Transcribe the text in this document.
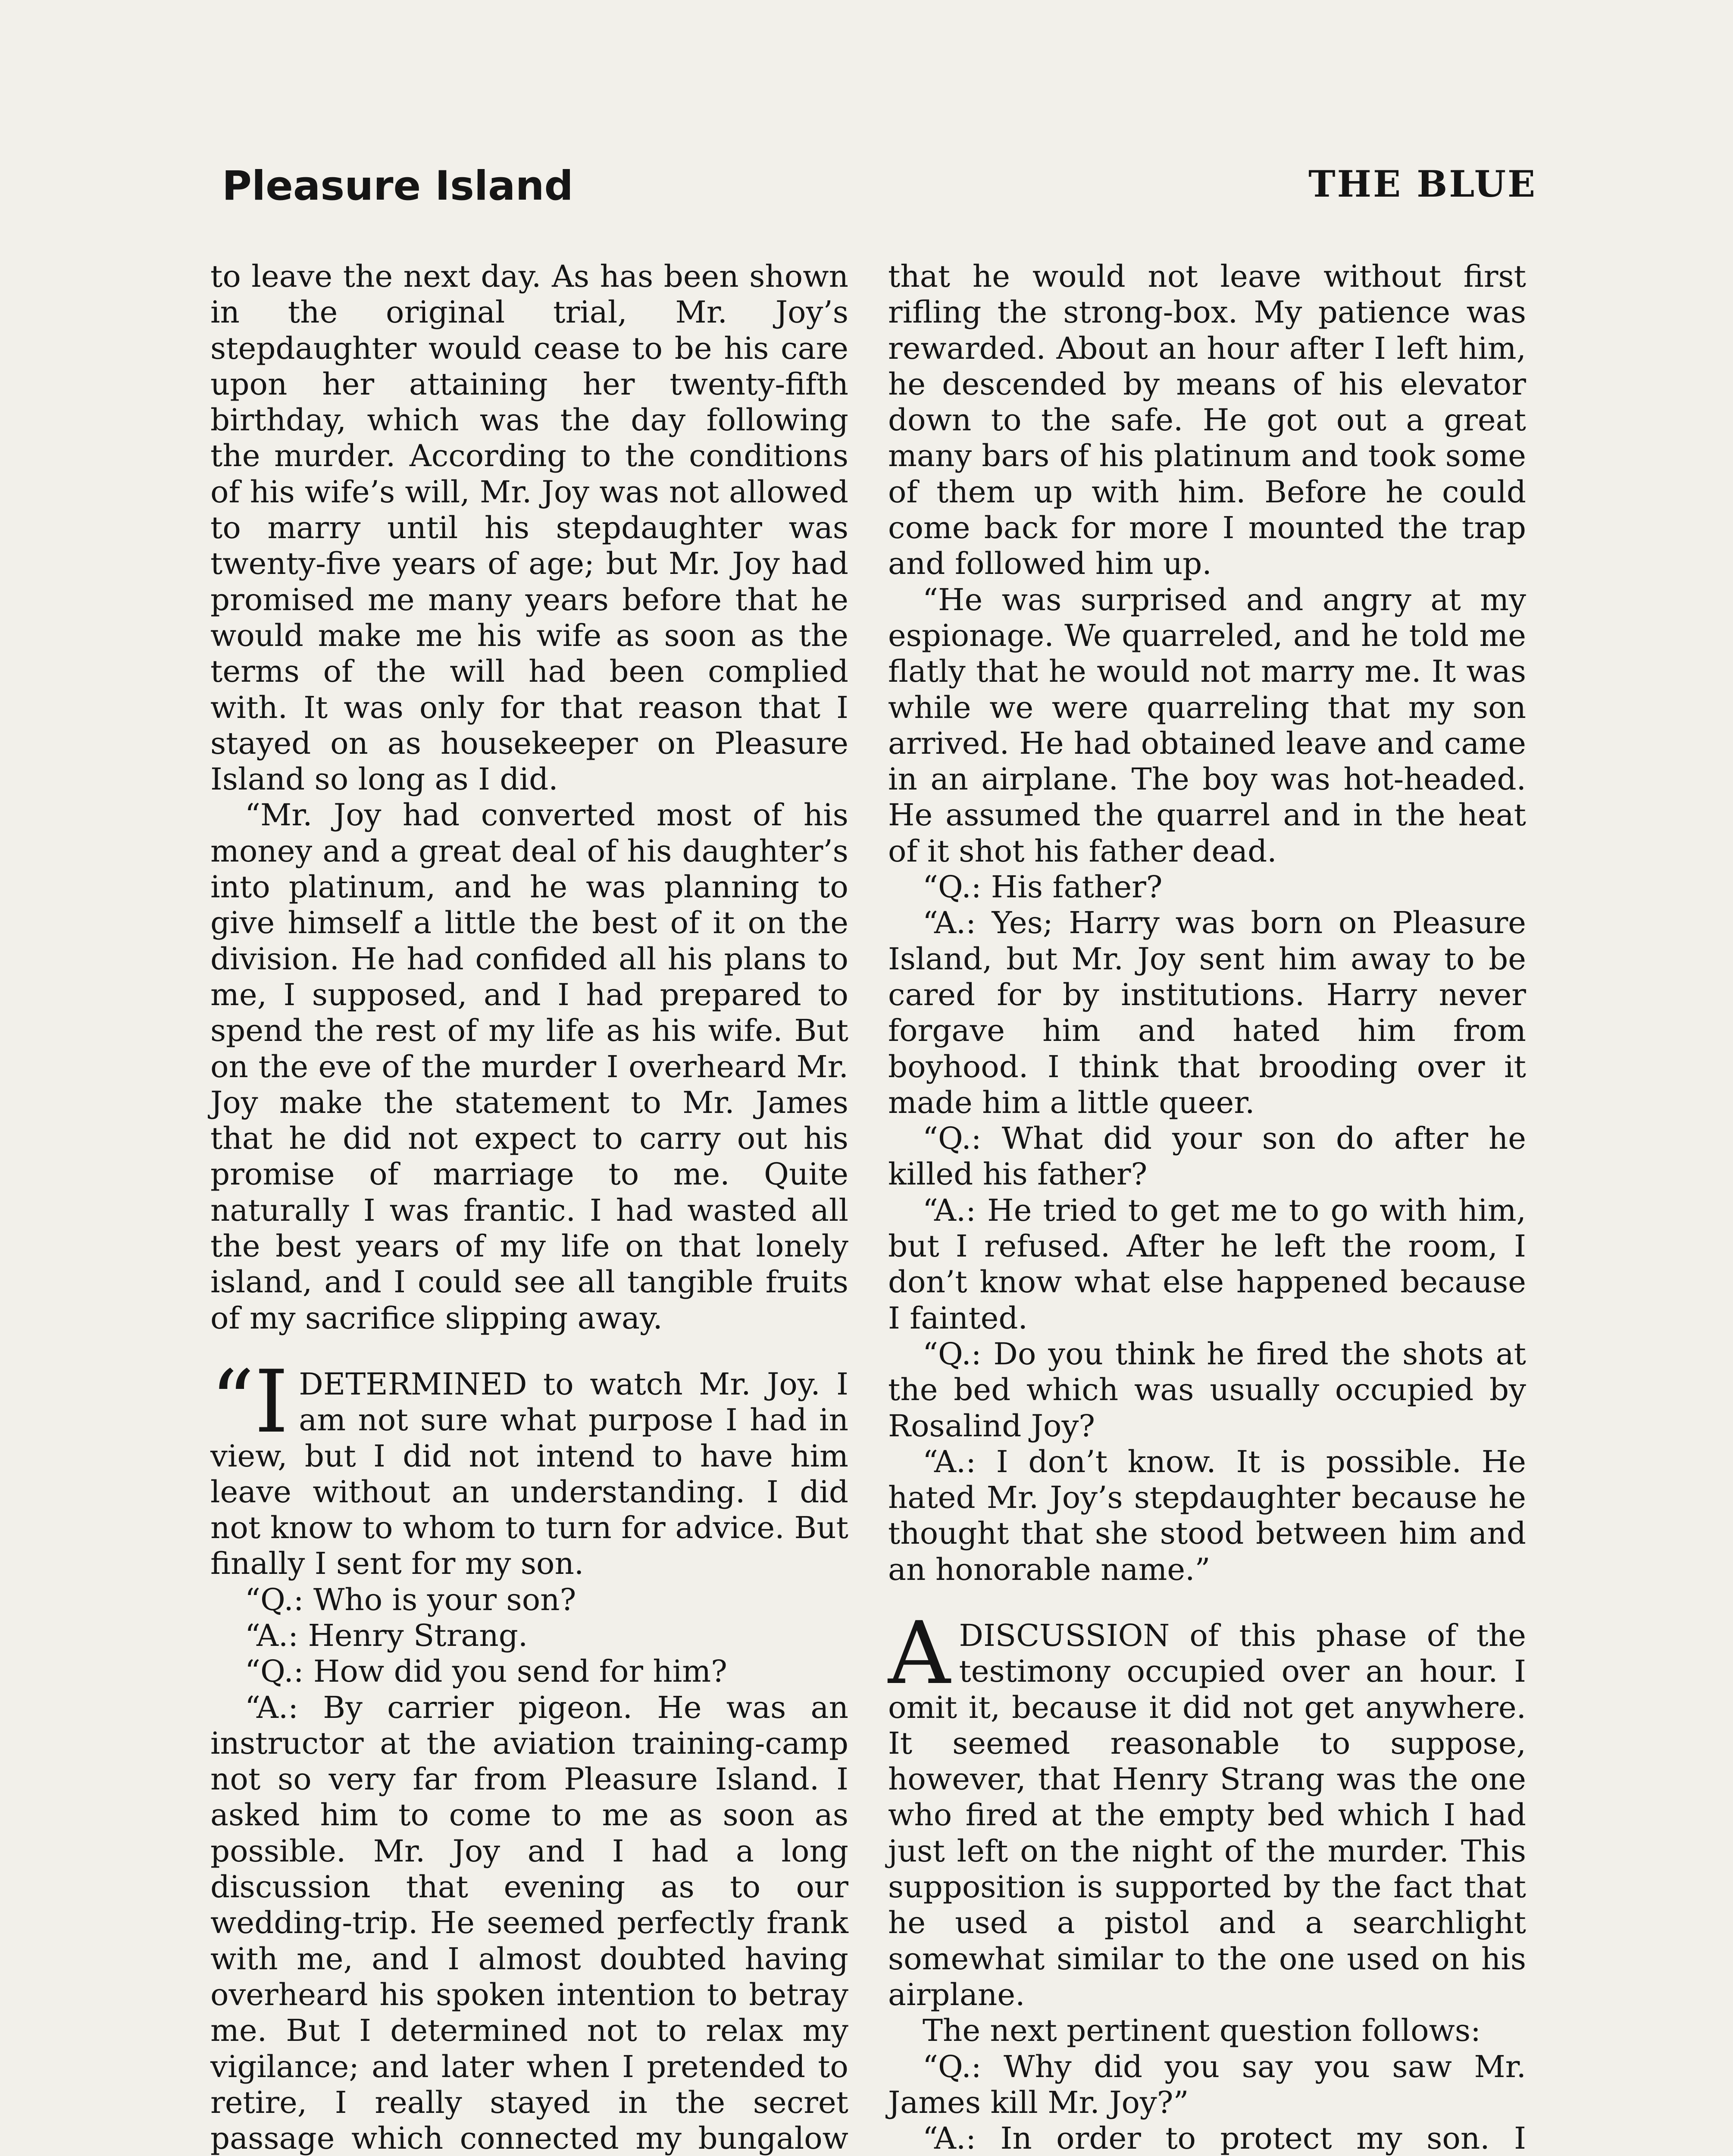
Pleasure Island	THE BLUE

to leave the next day. As has been shown in the original trial, Mr. Joy’s stepdaughter would cease to be his care upon her attaining her twenty-fifth birthday, which was the day following the murder. According to the conditions of his wife’s will, Mr. Joy was not allowed to marry until his stepdaughter was twenty-five years of age; but Mr. Joy had promised me many years before that he would make me his wife as soon as the terms of the will had been complied with. It was only for that reason that I stayed on as housekeeper on Pleasure Island so long as I did.

“Mr. Joy had converted most of his money and a great deal of his daughter’s into platinum, and he was planning to give himself a little the best of it on the division. He had confided all his plans to me, I supposed, and I had prepared to spend the rest of my life as his wife. But on the eve of the murder I overheard Mr. Joy make the statement to Mr. James that he did not expect to carry out his promise of marriage to me. Quite naturally I was frantic. I had wasted all the best years of my life on that lonely island, and I could see all tangible fruits of my sacrifice slipping away.

“IDETERMINED to watch Mr. Joy. I am not sure what purpose I had in view, but I did not intend to have him leave without an understanding. I did not know to whom to turn for advice. But finally I sent for my son.

“Q.: Who is your son?

“A.: Henry Strang.

“Q.: How did you send for him?

“A.: By carrier pigeon. He was an instructor at the aviation training-camp not so very far from Pleasure Island. I asked him to come to me as soon as possible. Mr. Joy and I had a long discussion that evening as to our wedding-trip. He seemed perfectly frank with me, and I almost doubted having overheard his spoken intention to betray me. But I determined not to relax my vigilance; and later when I pretended to retire, I really stayed in the secret passage which connected my bungalow

that he would not leave without first rifling the strong-box. My patience was rewarded. About an hour after I left him, he descended by means of his elevator down to the safe. He got out a great many bars of his platinum and took some of them up with him. Before he could come back for more I mounted the trap and followed him up.

“He was surprised and angry at my espionage. We quarreled, and he told me flatly that he would not marry me. It was while we were quarreling that my son arrived. He had obtained leave and came in an airplane. The boy was hot-headed. He assumed the quarrel and in the heat of it shot his father dead.

“Q.: His father?

“A.: Yes; Harry was born on Pleasure Island, but Mr. Joy sent him away to be cared for by institutions. Harry never forgave him and hated him from boyhood. I think that brooding over it made him a little queer.

“Q.: What did your son do after he killed his father?

“A.: He tried to get me to go with him, but I refused. After he left the room, I don’t know what else happened because I fainted.

“Q.: Do you think he fired the shots at the bed which was usually occupied by Rosalind Joy?

“A.: I don’t know. It is possible. He hated Mr. Joy’s stepdaughter because he thought that she stood between him and an honorable name.”

ADISCUSSION of this phase of the testimony occupied over an hour. I omit it, because it did not get anywhere. It seemed reasonable to suppose, however, that Henry Strang was the one who fired at the empty bed which I had just left on the night of the murder. This supposition is supported by the fact that he used a pistol and a searchlight somewhat similar to the one used on his airplane.

The next pertinent question follows:

“Q.: Why did you say you saw Mr. James kill Mr. Joy?”

“A.: In order to protect my son. I
